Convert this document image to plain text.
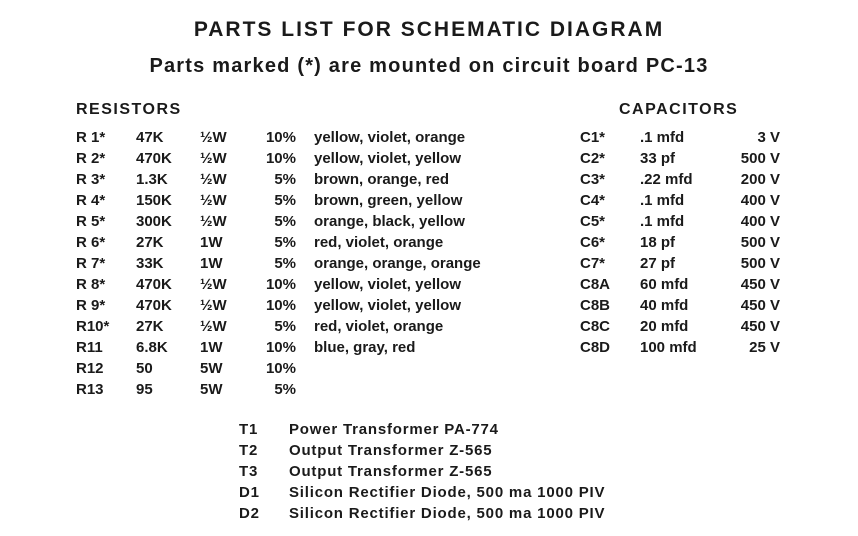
PARTS LIST FOR SCHEMATIC DIAGRAM
Parts marked (*) are mounted on circuit board PC-13
RESISTORS
R 1* 47K ½W	10% yellow, violet, orange
R 2* 470K ½W	10% yellow, violet, yellow
R 3* 1.3K ½W	5% brown, orange, red
R 4* 150K ½W	5% brown, green, yellow
R 5* 300K ½W	5% orange, black, yellow
R 6* 27K 1W	5% red, violet, orange
R 7* 33K 1W	5% orange, orange, orange
R 8* 470K ½W	10% yellow, violet, yellow
R 9* 470K ½W	10% yellow, violet, yellow
R10* 27K ½W	5% red, violet, orange
R11 6.8K 1W	10% blue, gray, red
R12 50	5W	10%
R13 95	5W	5%
CAPACITORS
C1* .1 mfd	3 V
C2* 33 pf	500 V
C3* .22 mfd	200 V
C4* .1 mfd	400 V
C5* .1 mfd	400 V
C6* 18 pf	500 V
C7* 27 pf	500 V
C8A 60 mfd	450 V
C8B 40 mfd	450 V
C8C 20 mfd	450 V
C8D 100 mfd	25 V
T1 Power Transformer PA-774
T2 Output Transformer Z-565
T3 Output Transformer Z-565
D1 Silicon Rectifier Diode, 500 ma 1000 PIV
D2 Silicon Rectifier Diode, 500 ma 1000 PIV
